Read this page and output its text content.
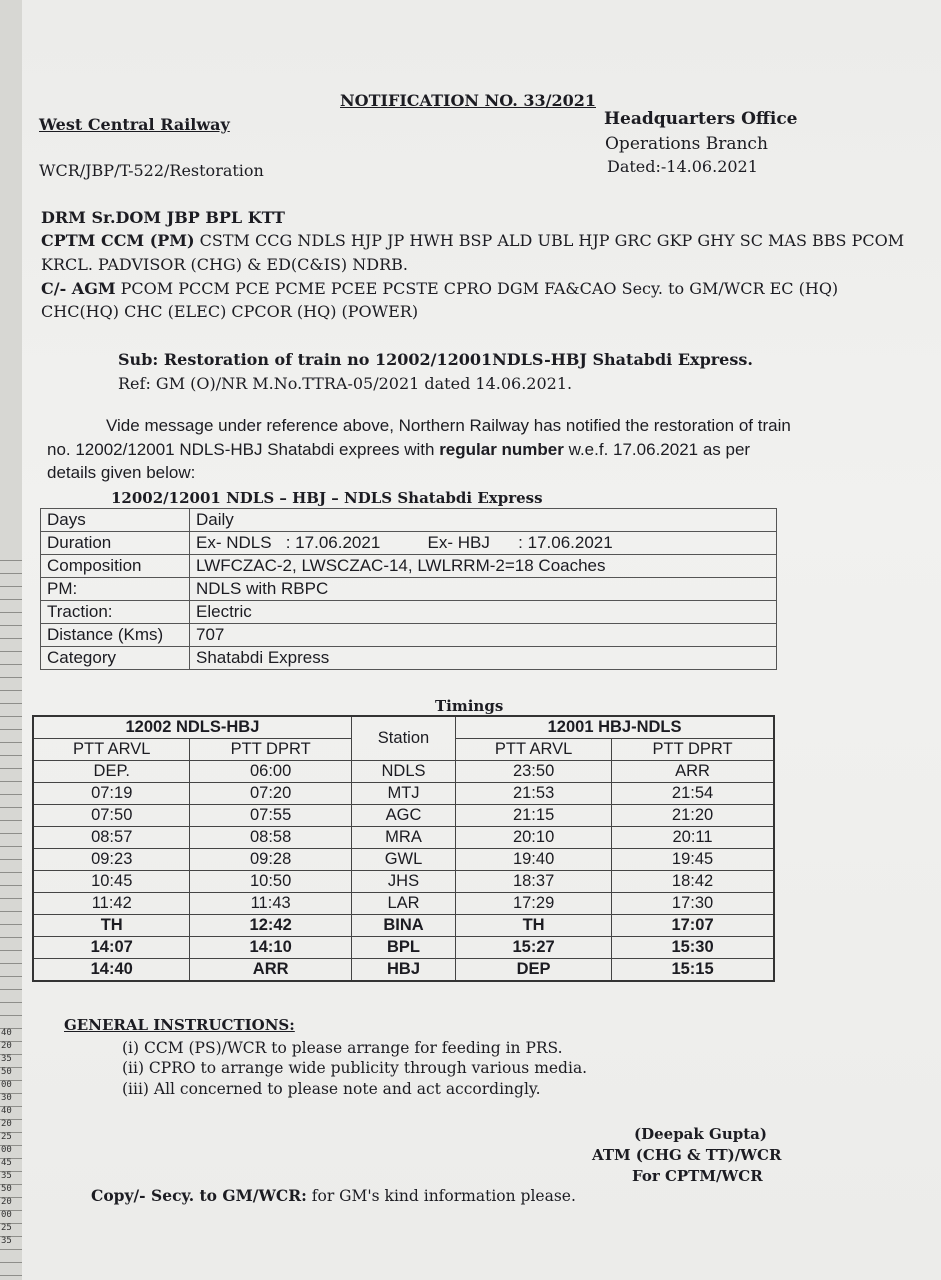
40
20
35
50
00
30
40
20
25
00
45
35
50
20
00
25
35
NOTIFICATION NO. 33/2021
West Central Railway
WCR/JBP/T-522/Restoration
Headquarters Office
Operations Branch
Dated:-14.06.2021
DRM Sr.DOM JBP BPL KTT
CPTM CCM (PM) CSTM CCG NDLS HJP JP HWH BSP ALD UBL HJP GRC GKP GHY SC MAS BBS PCOM
KRCL. PADVISOR (CHG) & ED(C&IS) NDRB.
C/- AGM PCOM PCCM PCE PCME PCEE PCSTE CPRO DGM FA&CAO Secy. to GM/WCR EC (HQ)
CHC(HQ) CHC (ELEC) CPCOR (HQ) (POWER)
Sub: Restoration of train no 12002/12001NDLS-HBJ Shatabdi Express.
Ref: GM (O)/NR M.No.TTRA-05/2021 dated 14.06.2021.
Vide message under reference above, Northern Railway has notified the restoration of train
no. 12002/12001 NDLS-HBJ Shatabdi exprees with regular number w.e.f. 17.06.2021 as per
details given below:
12002/12001 NDLS – HBJ – NDLS Shatabdi Express
Days	Daily
Duration	Ex- NDLS   : 17.06.2021          Ex- HBJ      : 17.06.2021
Composition	LWFCZAC-2, LWSCZAC-14, LWLRRM-2=18 Coaches
PM:	NDLS with RBPC
Traction:	Electric
Distance (Kms)	707
Category	Shatabdi Express
Timings
12002 NDLS-HBJ		Station	12001 HBJ-NDLS	
PTT ARVL	PTT DPRT		PTT ARVL	PTT DPRT
DEP.	06:00	NDLS	23:50	ARR
07:19	07:20	MTJ	21:53	21:54
07:50	07:55	AGC	21:15	21:20
08:57	08:58	MRA	20:10	20:11
09:23	09:28	GWL	19:40	19:45
10:45	10:50	JHS	18:37	18:42
11:42	11:43	LAR	17:29	17:30
TH	12:42	BINA	TH	17:07
14:07	14:10	BPL	15:27	15:30
14:40	ARR	HBJ	DEP	15:15
GENERAL INSTRUCTIONS:
(i) CCM (PS)/WCR to please arrange for feeding in PRS.
(ii) CPRO to arrange wide publicity through various media.
(iii) All concerned to please note and act accordingly.
(Deepak Gupta)
ATM (CHG & TT)/WCR
For CPTM/WCR
Copy/- Secy. to GM/WCR: for GM's kind information please.
